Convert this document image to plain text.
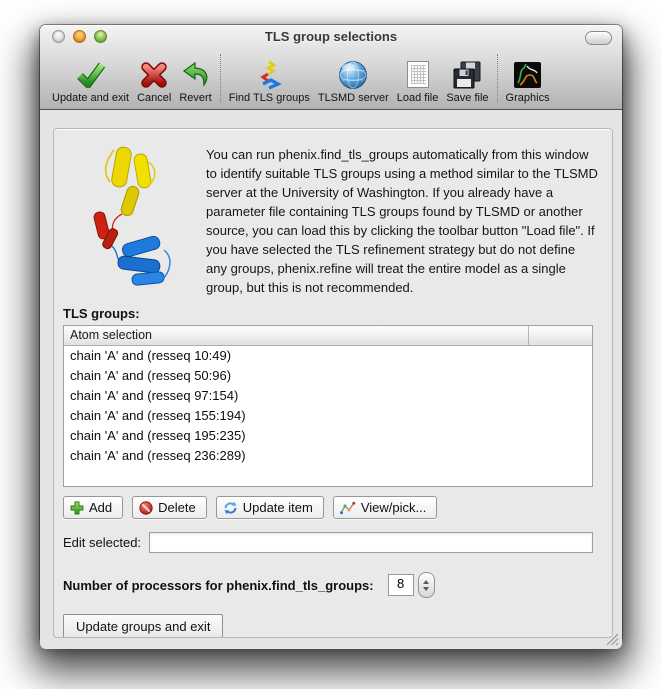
TLS group selections
Update and exit Cancel Revert Find TLS groups TLSMD server Load file Save file Graphics

You can run phenix.find_tls_groups automatically from this window to identify suitable TLS groups using a method similar to the TLSMD server at the University of Washington. If you already have a parameter file containing TLS groups found by TLSMD or another source, you can load this by clicking the toolbar button "Load file". If you have selected the TLS refinement strategy but do not define any groups, phenix.refine will treat the entire model as a single group, but this is not recommended.

TLS groups:
Atom selection
chain 'A' and (resseq 10:49)
chain 'A' and (resseq 50:96)
chain 'A' and (resseq 97:154)
chain 'A' and (resseq 155:194)
chain 'A' and (resseq 195:235)
chain 'A' and (resseq 236:289)
Add	Delete	Update item	View/pick...
Edit selected:
Number of processors for phenix.find_tls_groups:	8
Update groups and exit
